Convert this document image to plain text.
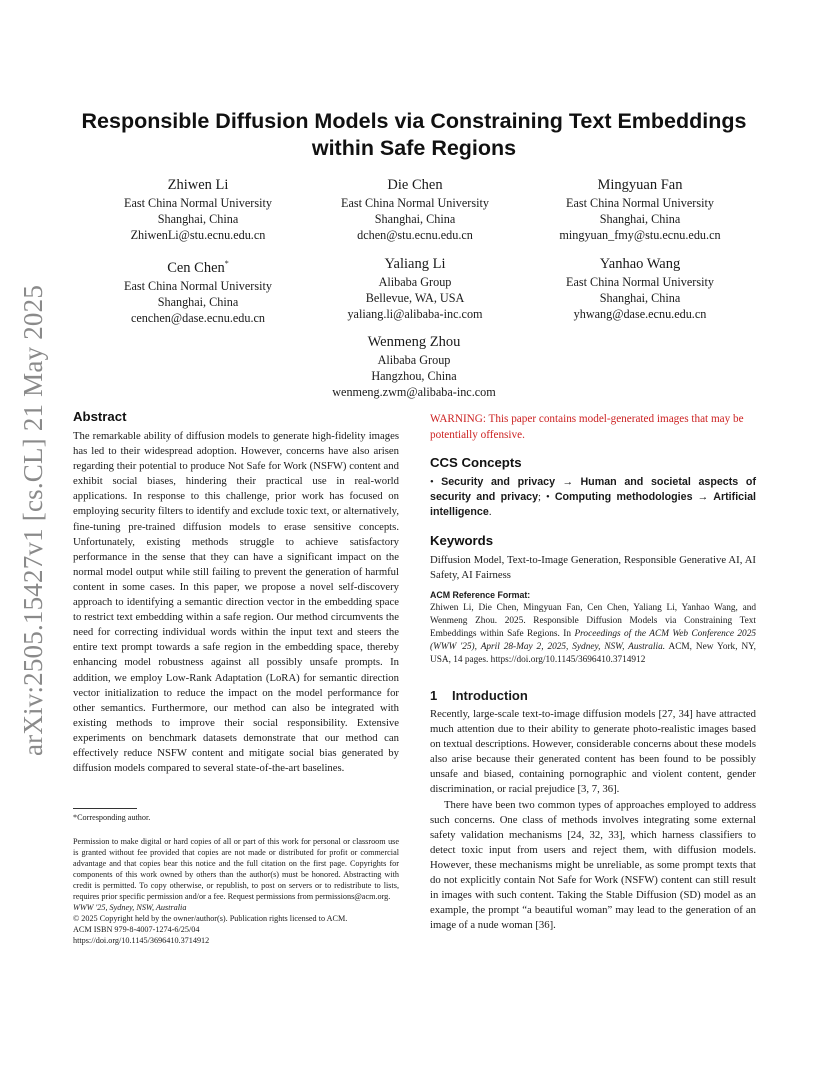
arXiv:2505.15427v1 [cs.CL] 21 May 2025
Responsible Diffusion Models via Constraining Text Embeddings within Safe Regions
Zhiwen Li
East China Normal University
Shanghai, China
ZhiwenLi@stu.ecnu.edu.cn
Die Chen
East China Normal University
Shanghai, China
dchen@stu.ecnu.edu.cn
Mingyuan Fan
East China Normal University
Shanghai, China
mingyuan_fmy@stu.ecnu.edu.cn
Cen Chen*
East China Normal University
Shanghai, China
cenchen@dase.ecnu.edu.cn
Yaliang Li
Alibaba Group
Bellevue, WA, USA
yaliang.li@alibaba-inc.com
Yanhao Wang
East China Normal University
Shanghai, China
yhwang@dase.ecnu.edu.cn
Wenmeng Zhou
Alibaba Group
Hangzhou, China
wenmeng.zwm@alibaba-inc.com
Abstract

The remarkable ability of diffusion models to generate high-fidelity images has led to their widespread adoption. However, concerns have also arisen regarding their potential to produce Not Safe for Work (NSFW) content and exhibit social biases, hindering their practical use in real-world applications. In response to this challenge, prior work has focused on employing security filters to identify and exclude toxic text, or alternatively, fine-tuning pre-trained diffusion models to erase sensitive concepts. Unfortunately, existing methods struggle to achieve satisfactory performance in the sense that they can have a significant impact on the normal model output while still failing to prevent the generation of harmful content in some cases. In this paper, we propose a novel self-discovery approach to identifying a semantic direction vector in the embedding space to restrict text embedding within a safe region. Our method circumvents the need for correcting individual words within the input text and steers the entire text prompt towards a safe region in the embedding space, thereby enhancing model robustness against all possibly unsafe prompts. In addition, we employ Low-Rank Adaptation (LoRA) for semantic direction vector initialization to reduce the impact on the model performance for other semantics. Furthermore, our method can also be integrated with existing methods to improve their social responsibility. Extensive experiments on benchmark datasets demonstrate that our method can effectively reduce NSFW content and mitigate social bias generated by diffusion models compared to several state-of-the-art baselines.

*Corresponding author.

Permission to make digital or hard copies of all or part of this work for personal or classroom use is granted without fee provided that copies are not made or distributed for profit or commercial advantage and that copies bear this notice and the full citation on the first page. Copyrights for components of this work owned by others than the author(s) must be honored. Abstracting with credit is permitted. To copy otherwise, or republish, to post on servers or to redistribute to lists, requires prior specific permission and/or a fee. Request permissions from permissions@acm.org.

WWW '25, Sydney, NSW, Australia

© 2025 Copyright held by the owner/author(s). Publication rights licensed to ACM.

ACM ISBN 979-8-4007-1274-6/25/04

https://doi.org/10.1145/3696410.3714912

WARNING: This paper contains model-generated images that may be potentially offensive.

CCS Concepts

• Security and privacy → Human and societal aspects of security and privacy; • Computing methodologies → Artificial intelligence.

Keywords

Diffusion Model, Text-to-Image Generation, Responsible Generative AI, AI Safety, AI Fairness

ACM Reference Format:

Zhiwen Li, Die Chen, Mingyuan Fan, Cen Chen, Yaliang Li, Yanhao Wang, and Wenmeng Zhou. 2025. Responsible Diffusion Models via Constraining Text Embeddings within Safe Regions. In Proceedings of the ACM Web Conference 2025 (WWW '25), April 28-May 2, 2025, Sydney, NSW, Australia. ACM, New York, NY, USA, 14 pages. https://doi.org/10.1145/3696410.3714912

1 Introduction

Recently, large-scale text-to-image diffusion models [27, 34] have attracted much attention due to their ability to generate photo-realistic images based on textual descriptions. However, considerable concerns about these models also arise because their generated content has been found to be possibly unsafe and biased, containing pornographic and violent content, gender discrimination, or racial prejudice [3, 7, 36].

There have been two common types of approaches employed to address such concerns. One class of methods involves integrating some external safety validation mechanisms [24, 32, 33], which harness classifiers to detect toxic input from users and reject them, with diffusion models. However, these mechanisms might be unreliable, as some prompt texts that do not explicitly contain Not Safe for Work (NSFW) content can still result in images with such content. Taking the Stable Diffusion (SD) model as an example, the prompt “a beautiful woman” may lead to the generation of an image of a nude woman [36].
